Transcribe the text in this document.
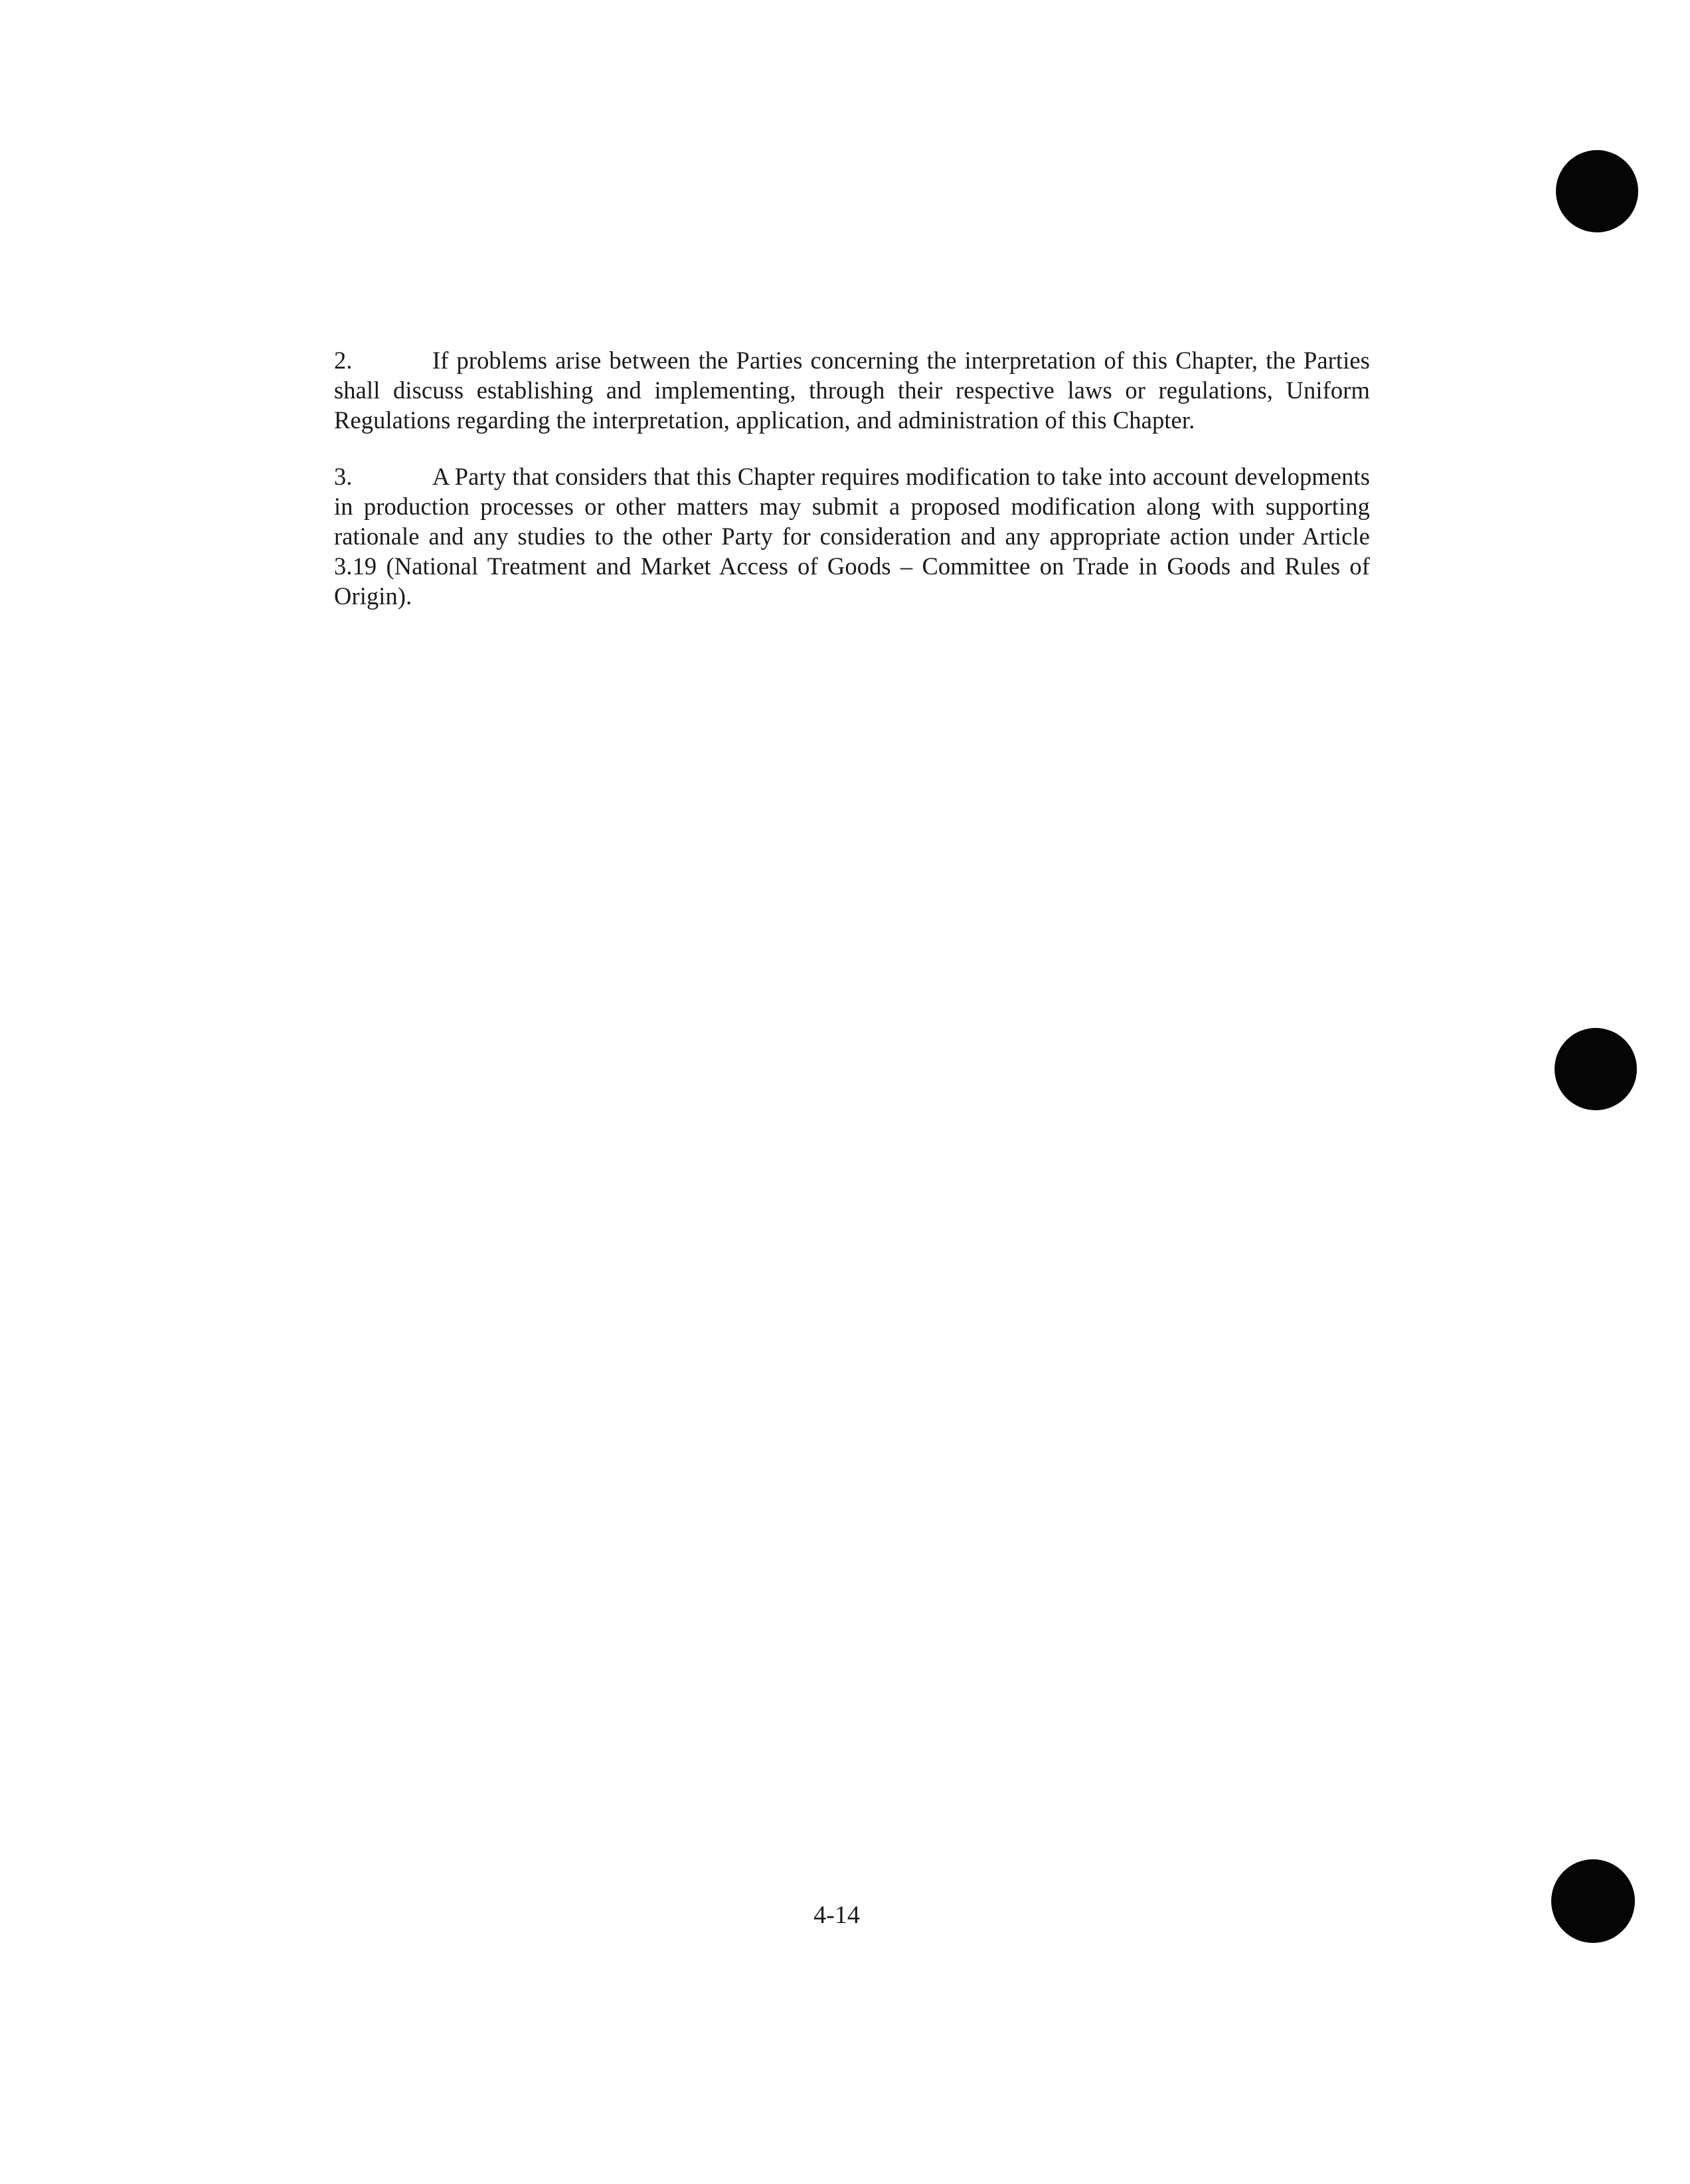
2.	If problems arise between the Parties concerning the interpretation of this Chapter, the Parties shall discuss establishing and implementing, through their respective laws or regulations, Uniform Regulations regarding the interpretation, application, and administration of this Chapter.

3.	A Party that considers that this Chapter requires modification to take into account developments in production processes or other matters may submit a proposed modification along with supporting rationale and any studies to the other Party for consideration and any appropriate action under Article 3.19 (National Treatment and Market Access of Goods – Committee on Trade in Goods and Rules of Origin).

4-14
